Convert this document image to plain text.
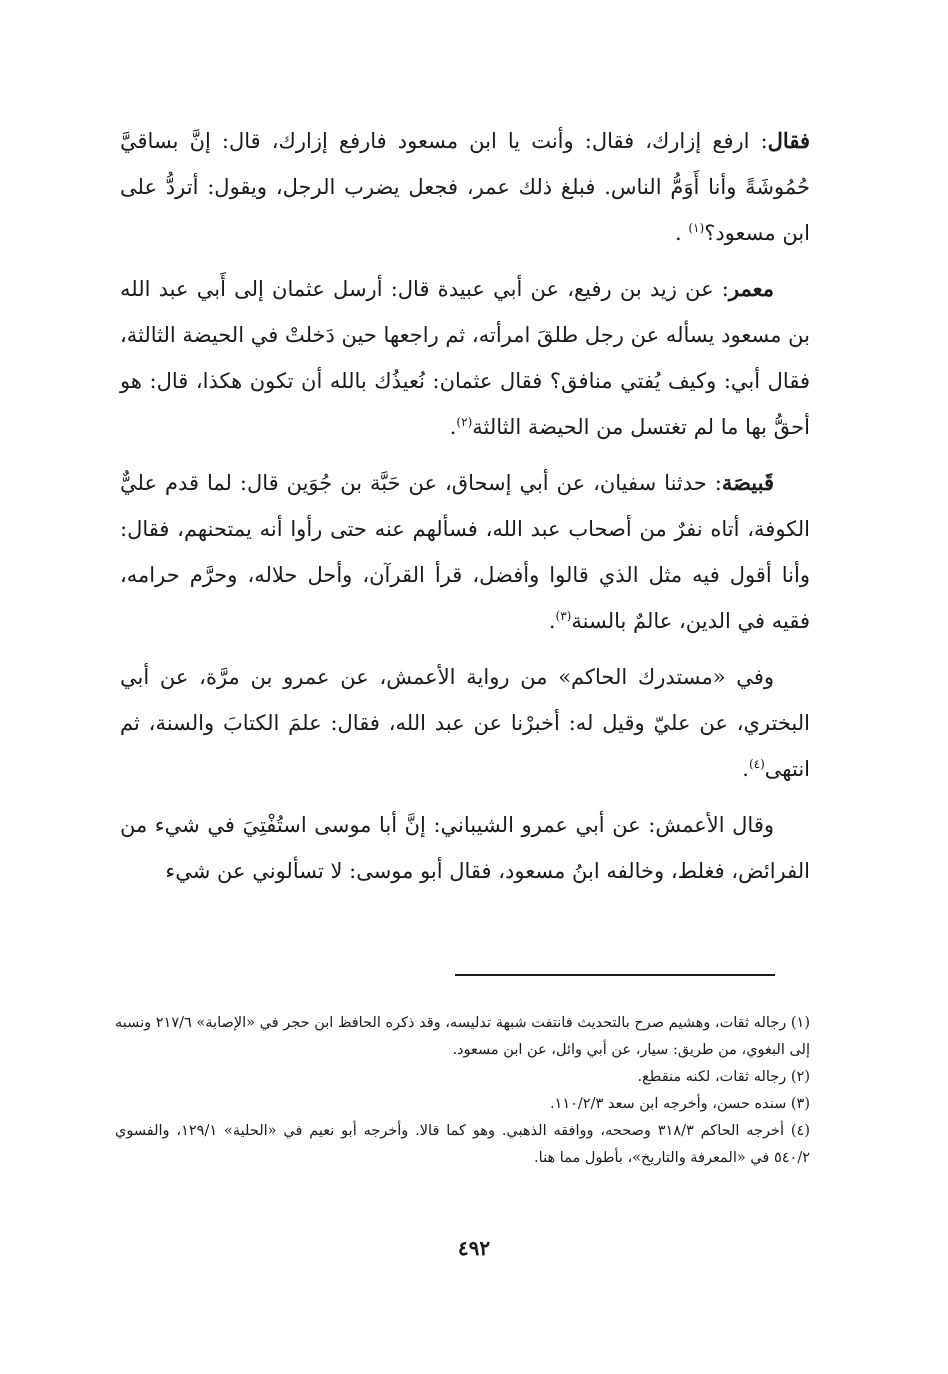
فقال: ارفع إزارك، فقال: وأنت يا ابن مسعود فارفع إزارك، قال: إنَّ بساقيَّ حُمُوشَةً وأنا أَوَمُّ الناس. فبلغ ذلك عمر، فجعل يضرب الرجل، ويقول: أتردُّ على ابن مسعود؟$^{(١)}$ .

معمر: عن زيد بن رفيع، عن أبي عبيدة قال: أرسل عثمان إلى أَبي عبد الله بن مسعود يسأله عن رجل طلقَ امرأته، ثم راجعها حين دَخلتْ في الحيضة الثالثة، فقال أبي: وكيف يُفتي منافق؟ فقال عثمان: نُعيذُك بالله أن تكون هكذا، قال: هو أحقُّ بها ما لم تغتسل من الحيضة الثالثة$^{(٢)}$.

قَبيصَة: حدثنا سفيان، عن أبي إسحاق، عن حَبَّة بن جُوَين قال: لما قدم عليٌّ الكوفة، أتاه نفرٌ من أصحاب عبد الله، فسألهم عنه حتى رأوا أنه يمتحنهم، فقال: وأنا أقول فيه مثل الذي قالوا وأفضل، قرأ القرآن، وأحل حلاله، وحرَّم حرامه، فقيه في الدين، عالمٌ بالسنة$^{(٣)}$.

وفي «مستدرك الحاكم» من رواية الأعمش، عن عمرو بن مرَّة، عن أبي البختري، عن عليّ وقيل له: أخبرْنا عن عبد الله، فقال: علمَ الكتابَ والسنة، ثم انتهى$^{(٤)}$.

وقال الأعمش: عن أبي عمرو الشيباني: إنَّ أبا موسى استُفْتِيَ في شيء من الفرائض، فغلط، وخالفه ابنُ مسعود، فقال أبو موسى: لا تسألوني عن شيء

(١) رجاله ثقات، وهشيم صرح بالتحديث فانتفت شبهة تدليسه، وقد ذكره الحافظ ابن حجر في «الإصابة» ٢١٧/٦ ونسبه إلى البغوي، من طريق: سيار، عن أبي وائل، عن ابن مسعود.

(٢) رجاله ثقات، لكنه منقطع.

(٣) سنده حسن، وأخرجه ابن سعد ١١٠/٢/٣.

(٤) أخرجه الحاكم ٣١٨/٣ وصححه، ووافقه الذهبي. وهو كما قالا. وأخرجه أبو نعيم في «الحلية» ١٢٩/١، والفسوي ٥٤٠/٢ في «المعرفة والتاريخ»، بأطول مما هنا.

٤٩٢
